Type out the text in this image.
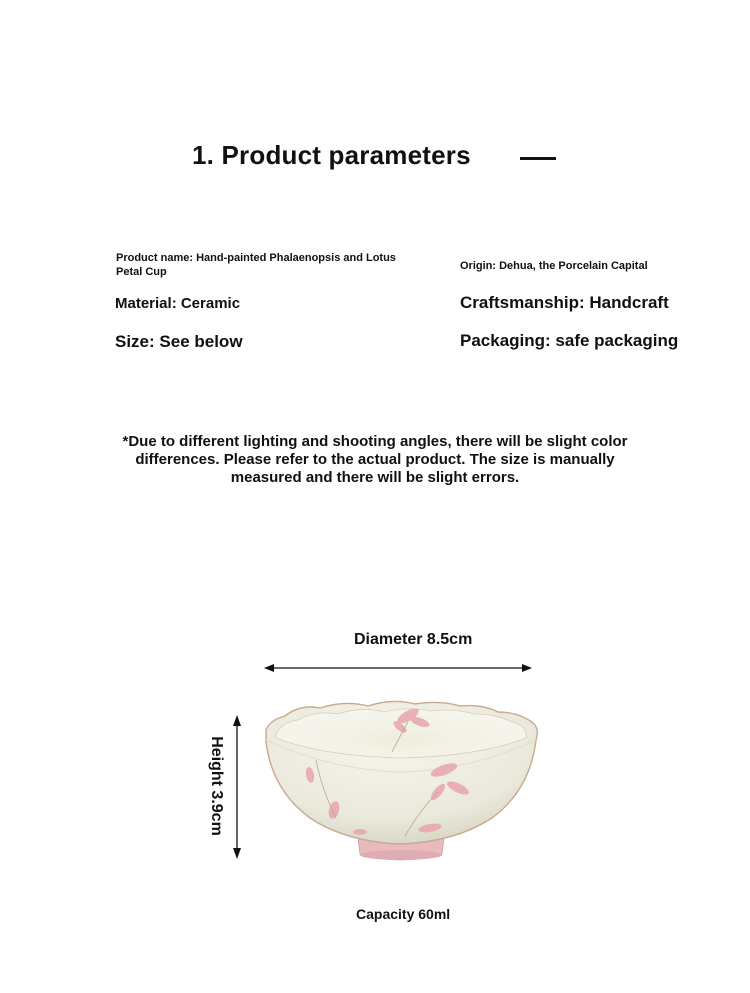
1. Product parameters
Product name: Hand-painted Phalaenopsis and Lotus Petal Cup	Origin: Dehua, the Porcelain Capital
Material: Ceramic	Craftsmanship: Handcraft
Size: See below	Packaging: safe packaging
*Due to different lighting and shooting angles, there will be slight color differences. Please refer to the actual product. The size is manually measured and there will be slight errors.
Diameter 8.5cm
Height 3.9cm
Capacity 60ml
